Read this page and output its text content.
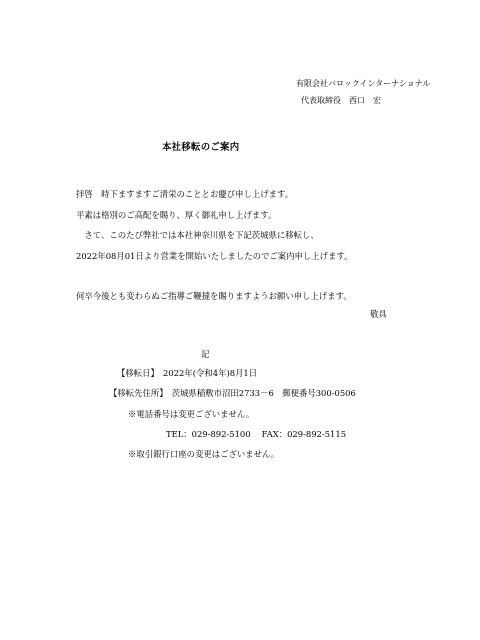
有限会社バロックインターナショナル
代表取締役　西口　宏
本社移転のご案内
拝啓　時下ますますご清栄のこととお慶び申し上げます。
平素は格別のご高配を賜り、厚く御礼申し上げます。
　さて、このたび弊社では本社神奈川県を下記茨城県に移転し、
2022年08月01日より営業を開始いたしましたのでご案内申し上げます。
何卒今後とも変わらぬご指導ご鞭撻を賜りますようお願い申し上げます。
敬具
記
【移転日】　2022年(令和4年)8月1日
【移転先住所】　茨城県稲敷市沼田2733－6　郵便番号300-0506
※電話番号は変更ございません。
TEL：029-892-5100　 FAX：029-892-5115
※取引銀行口座の変更はございません。
